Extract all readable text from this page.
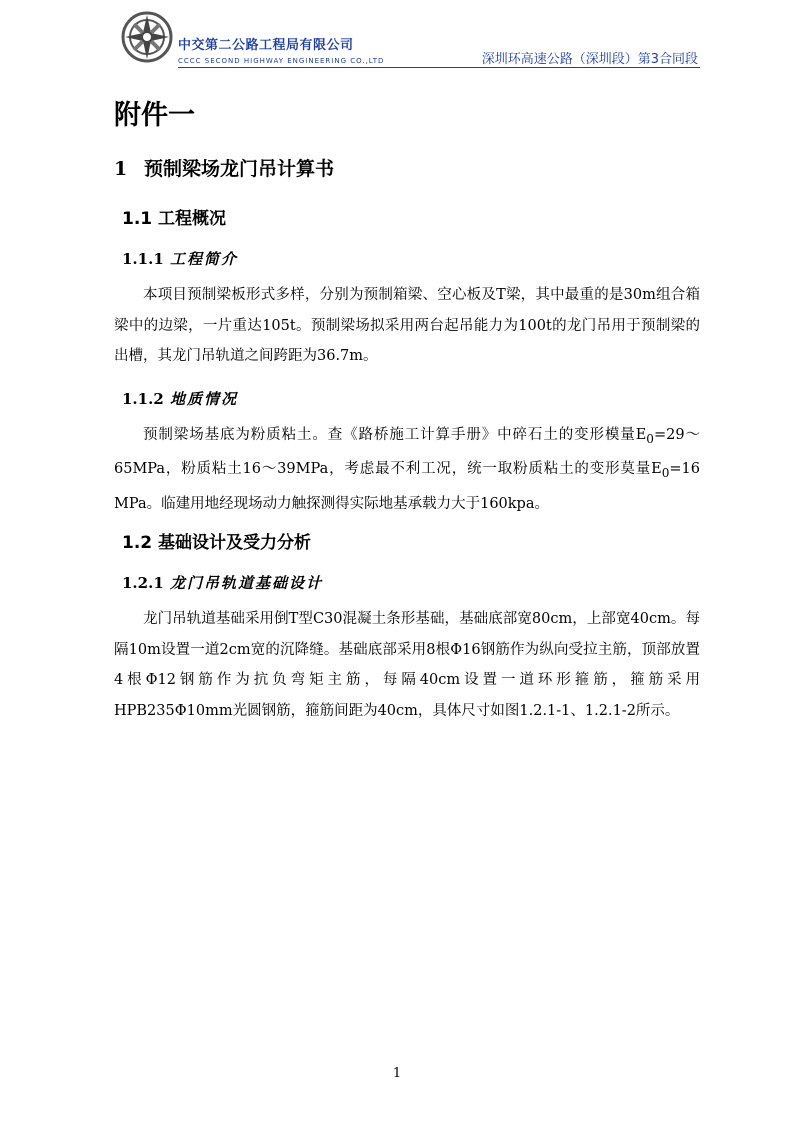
中交第二公路工程局有限公司
CCCC SECOND HIGHWAY ENGINEERING CO.,LTD	深圳环高速公路（深圳段）第3合同段
附件一
1 预制梁场龙门吊计算书
1.1 工程概况
1.1.1 工程简介

本项目预制梁板形式多样，分别为预制箱梁、空心板及T梁，其中最重的是30m组合箱梁中的边梁，一片重达105t。预制梁场拟采用两台起吊能力为100t的龙门吊用于预制梁的出槽，其龙门吊轨道之间跨距为36.7m。

1.1.2 地质情况

预制梁场基底为粉质粘土。查《路桥施工计算手册》中碎石土的变形模量$E_0=29\sim 65MPa$，粉质粘土16～39MPa，考虑最不利工况，统一取粉质粘土的变形莫量$E_0=16$ MPa。临建用地经现场动力触探测得实际地基承载力大于160kpa。

1.2 基础设计及受力分析
1.2.1 龙门吊轨道基础设计

龙门吊轨道基础采用倒T型C30混凝土条形基础，基础底部宽80cm，上部宽40cm。每隔10m设置一道2cm宽的沉降缝。基础底部采用8根Φ16钢筋作为纵向受拉主筋，顶部放置4根Φ12钢筋作为抗负弯矩主筋，每隔40cm设置一道环形箍筋，箍筋采用HPB235Φ10mm光圆钢筋，箍筋间距为40cm，具体尺寸如图1.2.1-1、1.2.1-2所示。

1
